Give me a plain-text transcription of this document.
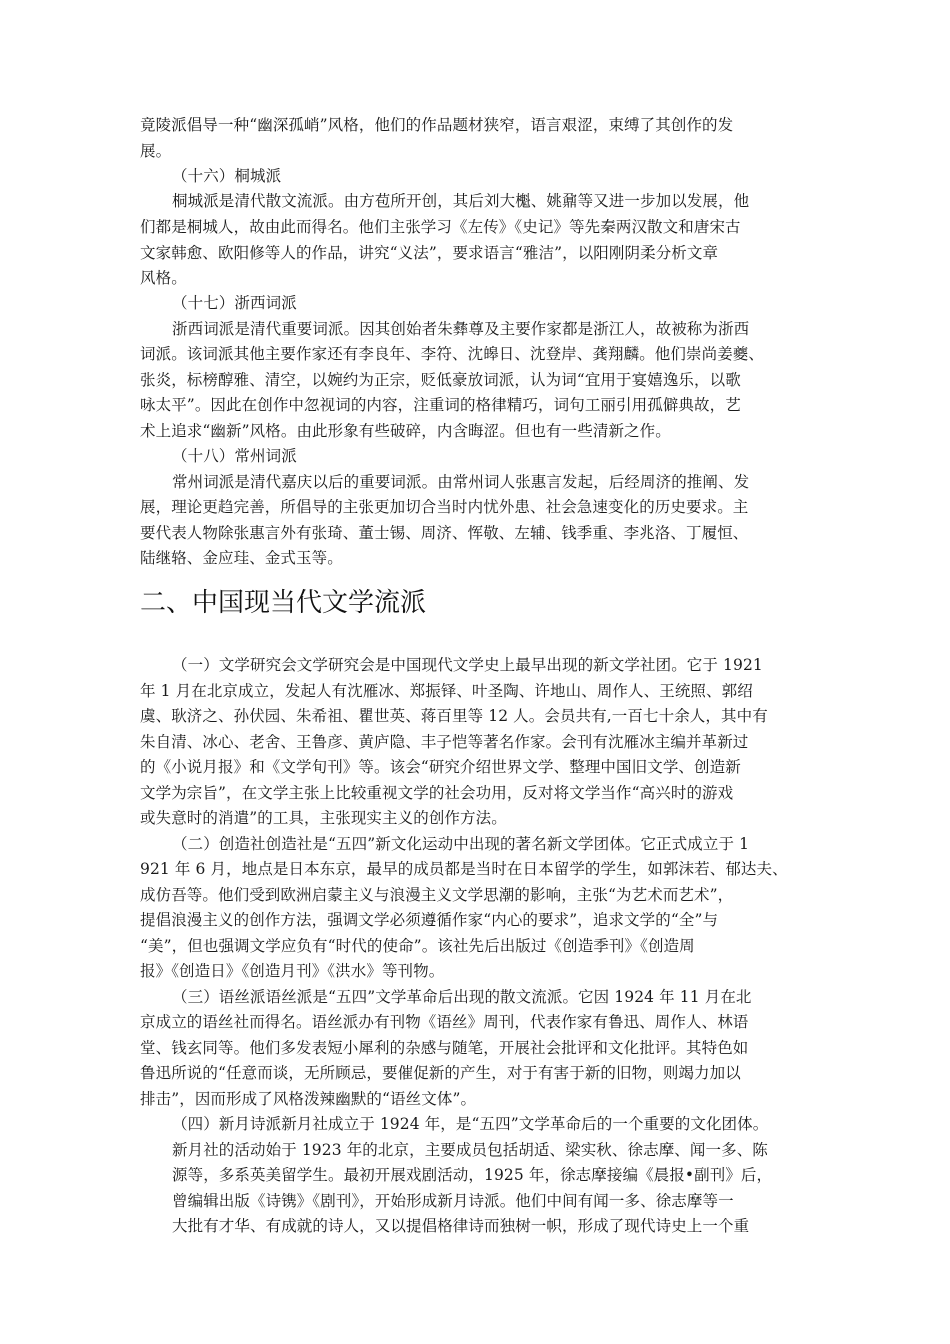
竟陵派倡导一种“幽深孤峭”风格，他们的作品题材狭窄，语言艰涩，束缚了其创作的发
展。
（十六）桐城派
桐城派是清代散文流派。由方苞所开创，其后刘大櫆、姚鼐等又进一步加以发展，他
们都是桐城人，故由此而得名。他们主张学习《左传》《史记》等先秦两汉散文和唐宋古
文家韩愈、欧阳修等人的作品，讲究“义法”，要求语言“雅洁”，以阳刚阴柔分析文章
风格。
（十七）浙西词派
浙西词派是清代重要词派。因其创始者朱彝尊及主要作家都是浙江人，故被称为浙西
词派。该词派其他主要作家还有李良年、李符、沈皞日、沈登岸、龚翔麟。他们崇尚姜夔、
张炎，标榜醇雅、清空，以婉约为正宗，贬低豪放词派，认为词“宜用于宴嬉逸乐，以歌
咏太平”。因此在创作中忽视词的内容，注重词的格律精巧，词句工丽引用孤僻典故，艺
术上追求“幽新”风格。由此形象有些破碎，内含晦涩。但也有一些清新之作。
（十八）常州词派
常州词派是清代嘉庆以后的重要词派。由常州词人张惠言发起，后经周济的推阐、发
展，理论更趋完善，所倡导的主张更加切合当时内忧外患、社会急速变化的历史要求。主
要代表人物除张惠言外有张琦、董士锡、周济、恽敬、左辅、钱季重、李兆洛、丁履恒、
陆继辂、金应珪、金式玉等。
二、中国现当代文学流派
（一）文学研究会文学研究会是中国现代文学史上最早出现的新文学社团。它于 1921
年 1 月在北京成立，发起人有沈雁冰、郑振铎、叶圣陶、许地山、周作人、王统照、郭绍
虞、耿济之、孙伏园、朱希祖、瞿世英、蒋百里等 12 人。会员共有,一百七十余人，其中有
朱自清、冰心、老舍、王鲁彦、黄庐隐、丰子恺等著名作家。会刊有沈雁冰主编并革新过
的《小说月报》和《文学旬刊》等。该会“研究介绍世界文学、整理中国旧文学、创造新
文学为宗旨”，在文学主张上比较重视文学的社会功用，反对将文学当作“高兴时的游戏
或失意时的消遣”的工具，主张现实主义的创作方法。
（二）创造社创造社是“五四”新文化运动中出现的著名新文学团体。它正式成立于 1
921 年 6 月，地点是日本东京，最早的成员都是当时在日本留学的学生，如郭沫若、郁达夫、
成仿吾等。他们受到欧洲启蒙主义与浪漫主义文学思潮的影响，主张“为艺术而艺术”，
提倡浪漫主义的创作方法，强调文学必须遵循作家“内心的要求”，追求文学的“全”与
“美”，但也强调文学应负有“时代的使命”。该社先后出版过《创造季刊》《创造周
报》《创造日》《创造月刊》《洪水》等刊物。
（三）语丝派语丝派是“五四”文学革命后出现的散文流派。它因 1924 年 11 月在北
京成立的语丝社而得名。语丝派办有刊物《语丝》周刊，代表作家有鲁迅、周作人、林语
堂、钱玄同等。他们多发表短小犀利的杂感与随笔，开展社会批评和文化批评。其特色如
鲁迅所说的“任意而谈，无所顾忌，要催促新的产生，对于有害于新的旧物，则竭力加以
排击”，因而形成了风格泼辣幽默的“语丝文体”。
（四）新月诗派新月社成立于 1924 年，是“五四”文学革命后的一个重要的文化团体。
新月社的活动始于 1923 年的北京，主要成员包括胡适、梁实秋、徐志摩、闻一多、陈
源等，多系英美留学生。最初开展戏剧活动，1925 年，徐志摩接编《晨报•副刊》后，
曾编辑出版《诗镌》《剧刊》，开始形成新月诗派。他们中间有闻一多、徐志摩等一
大批有才华、有成就的诗人，又以提倡格律诗而独树一帜，形成了现代诗史上一个重
